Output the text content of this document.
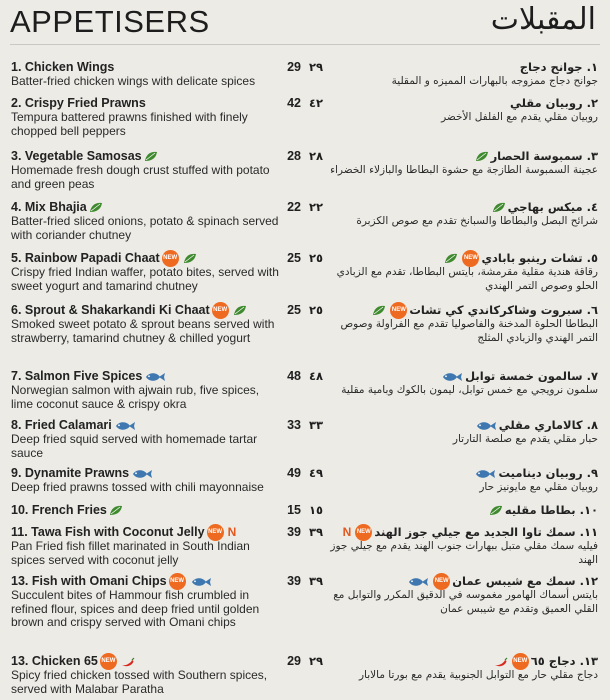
APPETISERS	المقبلات
1. Chicken Wings
Batter-fried chicken wings with delicate spices
29 ٢٩	١. جوانح دجاج
جوانح دجاج ممزوجه بالبهارات المميزه و المقلية
2. Crispy Fried Prawns
Tempura battered prawns finished with finely chopped bell peppers
42 ٤٢	٢. روبيان مقلي
روبيان مقلي يقدم مع الفلفل الأخضر
3. Vegetable Samosas
Homemade fresh dough crust stuffed with potato and green peas
28 ٢٨	٣. سمبوسة الحصار
عجينة السمبوسة الطازجة مع حشوة البطاطا والبازلاء الخضراء
4. Mix Bhajia
Batter-fried sliced onions, potato & spinach served with coriander chutney
22 ٢٢	٤. ميكس بهاجي
شرائح البصل والبطاطا والسبانخ تقدم مع صوص الكزبرة
5. Rainbow Papadi Chaat NEW
Crispy fried Indian waffer, potato bites, served with sweet yogurt and tamarind chutney
25 ٢٥	٥. تشات رينبو بابادي
NEW
رقاقة هندية مقلية مقرمشة، بايتس البطاطا، تقدم مع الزبادي الحلو وصوص التمر الهندي
6. Sprout & Shakarkandi Ki Chaat NEW
Smoked sweet potato & sprout beans served with strawberry, tamarind chutney & chilled yogurt
25 ٢٥	٦. سبروت وشاكركاندي كي تشات
NEW
البطاطا الحلوة المدخنة والفاصوليا تقدم مع الفراولة وصوص التمر الهندي والزبادي المثلج
7. Salmon Five Spices
Norwegian salmon with ajwain rub, five spices, lime coconut sauce & crispy okra
48 ٤٨	٧. سالمون خمسة توابل
سلمون نرويجي مع خمس توابل، ليمون بالكوك وبامية مقلية
8. Fried Calamari
Deep fried squid served with homemade tartar sauce
33 ٣٣	٨. كالاماري مقلي
حبار مقلي يقدم مع صلصة التارتار
9. Dynamite Prawns
Deep fried prawns tossed with chili mayonnaise
49 ٤٩	٩. روبيان ديناميت
روبيان مقلي مع مايونيز حار
10. French Fries	15 ١٥	١٠. بطاطا مقليه
11. Tawa Fish with Coconut Jelly NEW N
Pan Fried fish fillet marinated in South Indian spices served with coconut jelly
39 ٣٩	١١. سمك تاوا الجديد مع جيلي جوز الهند
NEW
N
فيليه سمك مقلي متبل ببهارات جنوب الهند يقدم مع جيلي جوز الهند
13. Fish with Omani Chips NEW
Succulent bites of Hammour fish crumbled in refined flour, spices and deep fried until golden brown and crispy served with Omani chips
39 ٣٩	١٢. سمك مع شيبس عمان
NEW
بايتس أسماك الهامور مغموسه في الدقيق المكرر والتوابل مع القلي العميق وتقدم مع شيبس عمان
13. Chicken 65 NEW
Spicy fried chicken tossed with Southern spices, served with Malabar Paratha
29 ٢٩	١٣. دجاج ٦٥
NEW
دجاج مقلي حار مع التوابل الجنوبية يقدم مع بورتا مالابار
